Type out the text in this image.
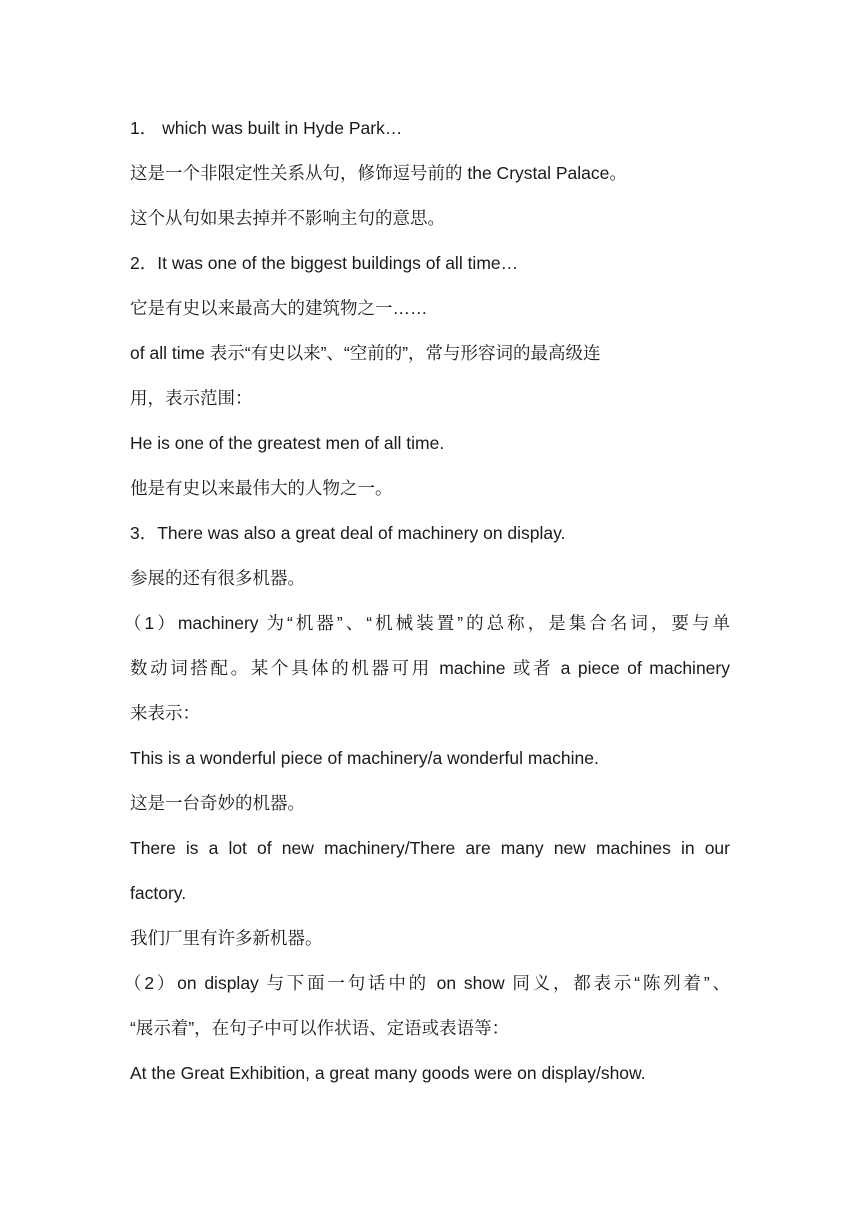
1． which was built in Hyde Park…
这是一个非限定性关系从句，修饰逗号前的 the Crystal Palace。
这个从句如果去掉并不影响主句的意思。
2．It was one of the biggest buildings of all time…
它是有史以来最高大的建筑物之一……
of all time 表示“有史以来”、“空前的”，常与形容词的最高级连
用，表示范围：
He is one of the greatest men of all time.
他是有史以来最伟大的人物之一。
3．There was also a great deal of machinery on display.
参展的还有很多机器。
（1）machinery 为“机器”、“机械装置”的总称，是集合名词，要与单
数动词搭配。某个具体的机器可用 machine 或者 a piece of machinery
来表示：
This is a wonderful piece of machinery/a wonderful machine.
这是一台奇妙的机器。
There is a lot of new machinery/There are many new machines in our
factory.
我们厂里有许多新机器。
（2）on display 与下面一句话中的 on show 同义，都表示“陈列着”、
“展示着”，在句子中可以作状语、定语或表语等：
At the Great Exhibition, a great many goods were on display/show.
